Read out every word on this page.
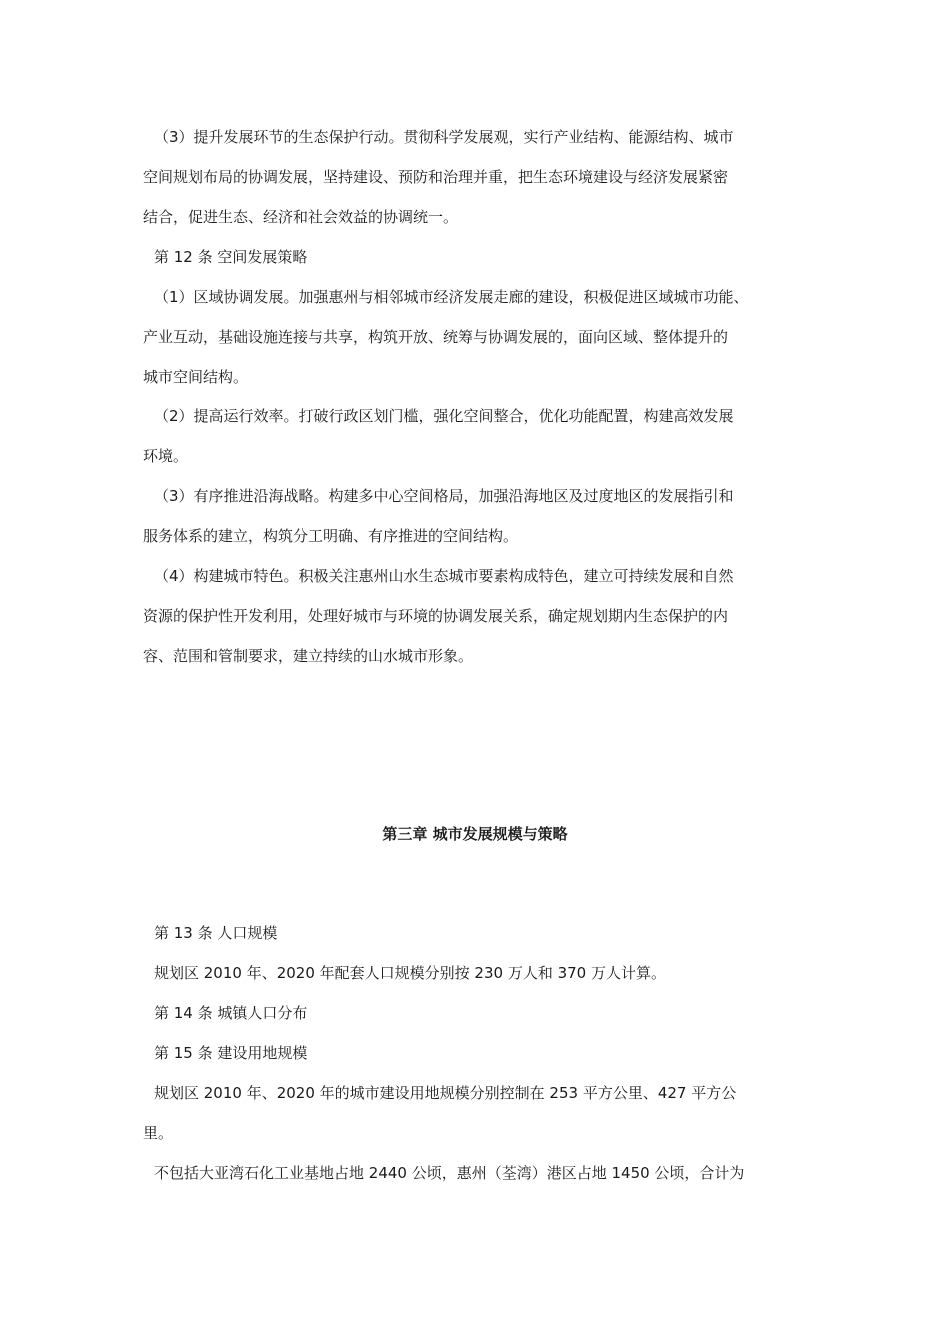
（3）提升发展环节的生态保护行动。贯彻科学发展观，实行产业结构、能源结构、城市
空间规划布局的协调发展，坚持建设、预防和治理并重，把生态环境建设与经济发展紧密
结合，促进生态、经济和社会效益的协调统一。
第 12 条 空间发展策略
（1）区域协调发展。加强惠州与相邻城市经济发展走廊的建设，积极促进区域城市功能、
产业互动，基础设施连接与共享，构筑开放、统筹与协调发展的，面向区域、整体提升的
城市空间结构。
（2）提高运行效率。打破行政区划门槛，强化空间整合，优化功能配置，构建高效发展
环境。
（3）有序推进沿海战略。构建多中心空间格局，加强沿海地区及过度地区的发展指引和
服务体系的建立，构筑分工明确、有序推进的空间结构。
（4）构建城市特色。积极关注惠州山水生态城市要素构成特色，建立可持续发展和自然
资源的保护性开发利用，处理好城市与环境的协调发展关系，确定规划期内生态保护的内
容、范围和管制要求，建立持续的山水城市形象。
第三章 城市发展规模与策略
第 13 条 人口规模
规划区 2010 年、2020 年配套人口规模分别按 230 万人和 370 万人计算。
第 14 条 城镇人口分布
第 15 条 建设用地规模
规划区 2010 年、2020 年的城市建设用地规模分别控制在 253 平方公里、427 平方公
里。
不包括大亚湾石化工业基地占地 2440 公顷，惠州（荃湾）港区占地 1450 公顷，合计为
